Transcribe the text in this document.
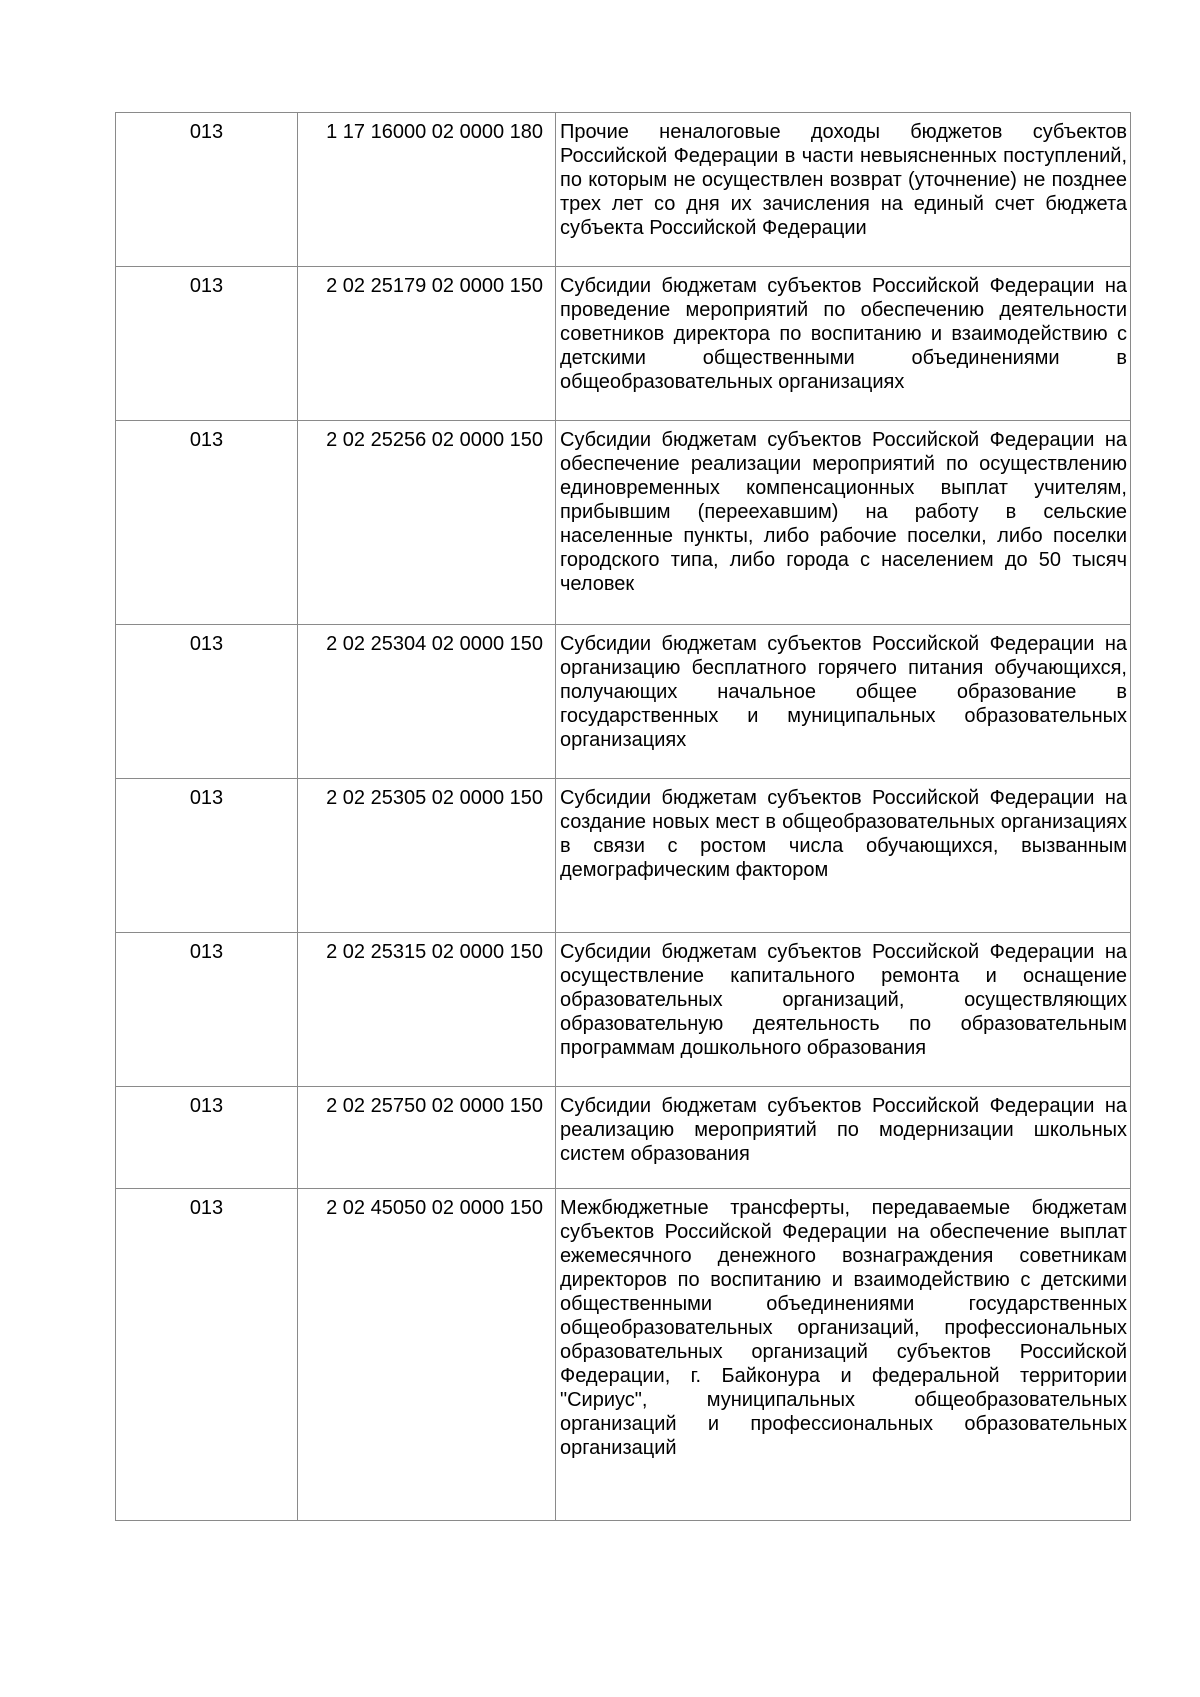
013	1 17 16000 02 0000 180	Прочие неналоговые доходы бюджетов субъектов Российской Федерации в части невыясненных поступлений, по которым не осуществлен возврат (уточнение) не позднее трех лет со дня их зачисления на единый счет бюджета субъекта Российской Федерации
013	2 02 25179 02 0000 150	Субсидии бюджетам субъектов Российской Федерации на проведение мероприятий по обеспечению деятельности советников директора по воспитанию и взаимодействию с детскими общественными объединениями в общеобразовательных организациях
013	2 02 25256 02 0000 150	Субсидии бюджетам субъектов Российской Федерации на обеспечение реализации мероприятий по осуществлению единовременных компенсационных выплат учителям, прибывшим (переехавшим) на работу в сельские населенные пункты, либо рабочие поселки, либо поселки городского типа, либо города с населением до 50 тысяч человек
013	2 02 25304 02 0000 150	Субсидии бюджетам субъектов Российской Федерации на организацию бесплатного горячего питания обучающихся, получающих начальное общее образование в государственных и муниципальных образовательных организациях
013	2 02 25305 02 0000 150	Субсидии бюджетам субъектов Российской Федерации на создание новых мест в общеобразовательных организациях в связи с ростом числа обучающихся, вызванным демографическим фактором
013	2 02 25315 02 0000 150	Субсидии бюджетам субъектов Российской Федерации на осуществление капитального ремонта и оснащение образовательных организаций, осуществляющих образовательную деятельность по образовательным программам дошкольного образования
013	2 02 25750 02 0000 150	Субсидии бюджетам субъектов Российской Федерации на реализацию мероприятий по модернизации школьных систем образования
013	2 02 45050 02 0000 150	Межбюджетные трансферты, передаваемые бюджетам субъектов Российской Федерации на обеспечение выплат ежемесячного денежного вознаграждения советникам директоров по воспитанию и взаимодействию с детскими общественными объединениями государственных общеобразовательных организаций, профессиональных образовательных организаций субъектов Российской Федерации, г. Байконура и федеральной территории "Сириус", муниципальных общеобразовательных организаций и профессиональных образовательных организаций
